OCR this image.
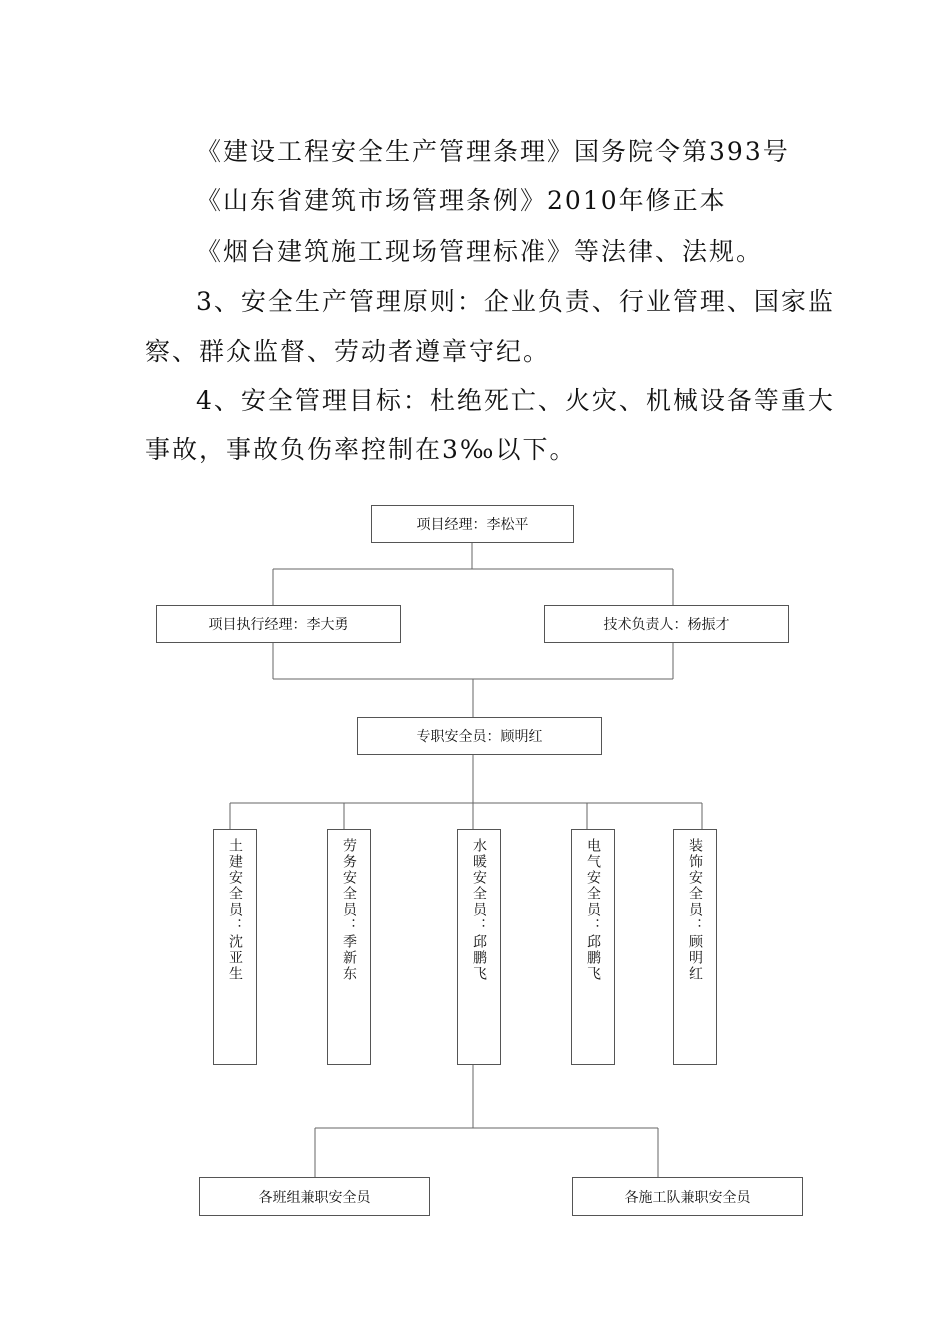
《建设工程安全生产管理条理》国务院令第393号
《山东省建筑市场管理条例》2010年修正本
《烟台建筑施工现场管理标准》等法律、法规。
3、安全生产管理原则：企业负责、行业管理、国家监
察、群众监督、劳动者遵章守纪。
4、安全管理目标：杜绝死亡、火灾、机械设备等重大
事故，事故负伤率控制在3‰以下。
项目经理：李松平
项目执行经理：李大勇	技术负责人：杨振才
专职安全员：顾明红
土建安全员：沈亚生	劳务安全员：季新东	水暖安全员：邱鹏飞	电气安全员：邱鹏飞	装饰安全员：顾明红
各班组兼职安全员	各施工队兼职安全员
